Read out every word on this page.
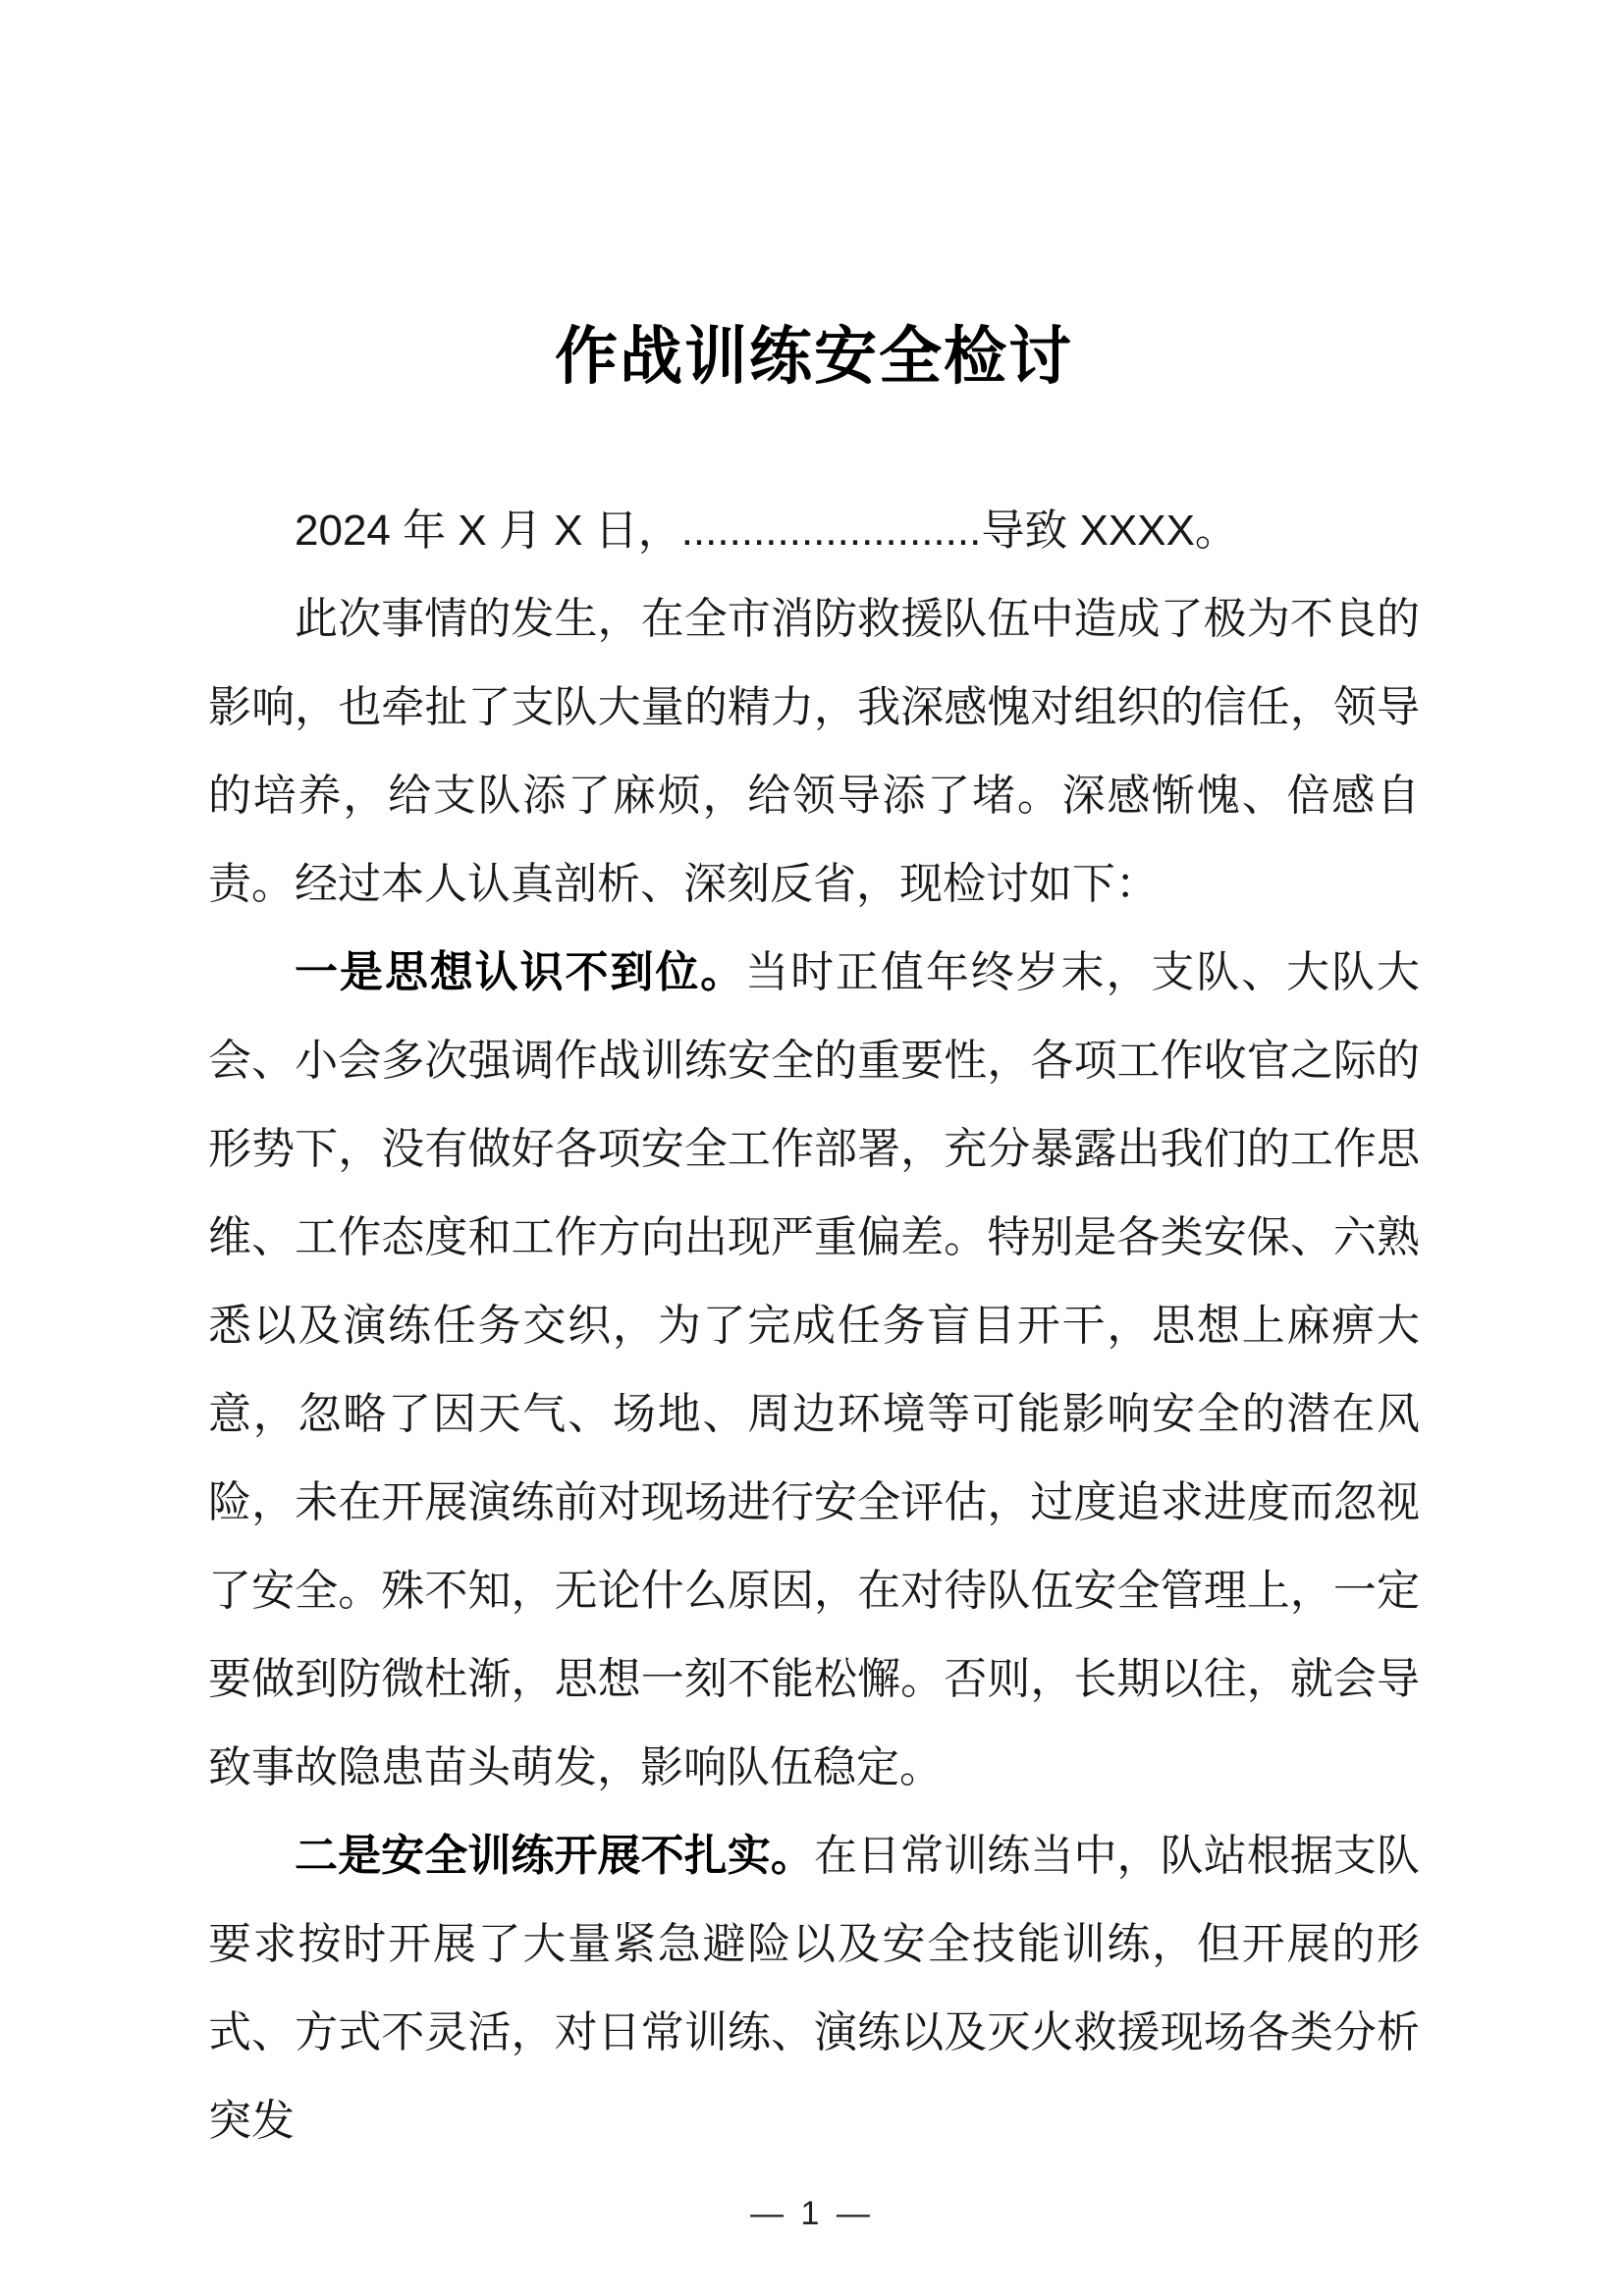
作战训练安全检讨

2024 年 X 月 X 日，.........................导致 XXXX。

此次事情的发生，在全市消防救援队伍中造成了极为不良的影响，也牵扯了支队大量的精力，我深感愧对组织的信任，领导的培养，给支队添了麻烦，给领导添了堵。深感惭愧、倍感自责。经过本人认真剖析、深刻反省，现检讨如下：

一是思想认识不到位。当时正值年终岁末，支队、大队大会、小会多次强调作战训练安全的重要性，各项工作收官之际的形势下，没有做好各项安全工作部署，充分暴露出我们的工作思维、工作态度和工作方向出现严重偏差。特别是各类安保、六熟悉以及演练任务交织，为了完成任务盲目开干，思想上麻痹大意，忽略了因天气、场地、周边环境等可能影响安全的潜在风险，未在开展演练前对现场进行安全评估，过度追求进度而忽视了安全。殊不知，无论什么原因，在对待队伍安全管理上，一定要做到防微杜渐，思想一刻不能松懈。否则，长期以往，就会导致事故隐患苗头萌发，影响队伍稳定。

二是安全训练开展不扎实。在日常训练当中，队站根据支队要求按时开展了大量紧急避险以及安全技能训练，但开展的形式、方式不灵活，对日常训练、演练以及灭火救援现场各类分析突发

— 1 —
